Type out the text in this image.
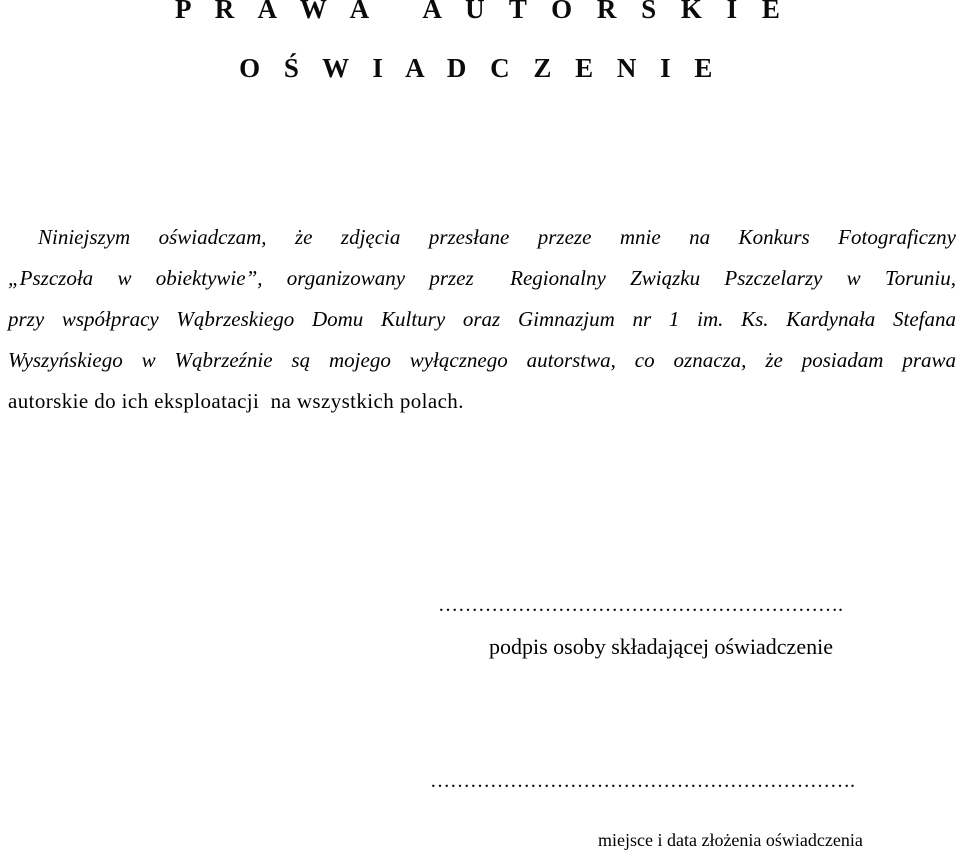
P R A W A   A U T O R S K I E
O Ś W I A D C Z E N I E
Niniejszym  oświadczam,  że  zdjęcia  przesłane  przeze  mnie  na  Konkurs  Fotograficzny
„Pszczoła  w  obiektywie”,  organizowany  przez   Regionalny  Związku  Pszczelarzy  w  Toruniu,
przy współpracy Wąbrzeskiego Domu Kultury oraz Gimnazjum nr 1 im. Ks. Kardynała Stefana
Wyszyńskiego w Wąbrzeźnie są mojego wyłącznego autorstwa, co oznacza, że posiadam prawa
autorskie do ich eksploatacji  na wszystkich polach.
…………………………………………………….
podpis osoby składającej oświadczenie
……………………………………………………….
miejsce i data złożenia oświadczenia
